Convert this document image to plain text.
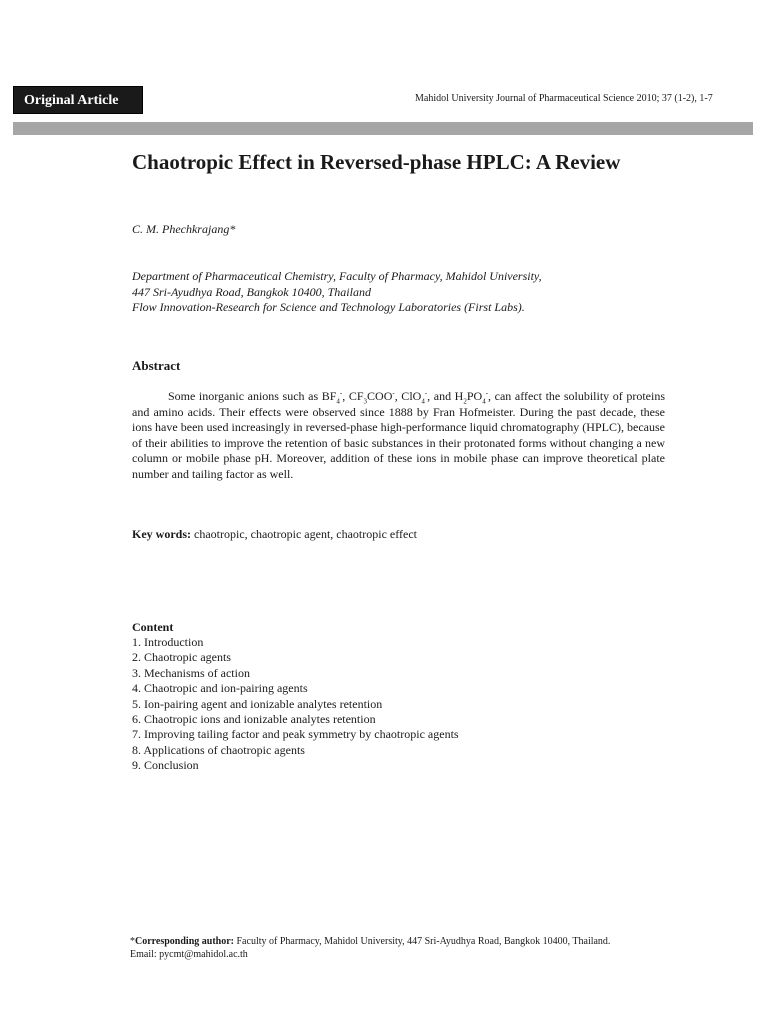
Original Article	Mahidol University Journal of Pharmaceutical Science 2010; 37 (1-2), 1-7
Chaotropic Effect in Reversed-phase HPLC: A Review
C. M. Phechkrajang*
Department of Pharmaceutical Chemistry, Faculty of Pharmacy, Mahidol University,
447 Sri-Ayudhya Road, Bangkok 10400, Thailand
Flow Innovation-Research for Science and Technology Laboratories (First Labs).
Abstract

Some inorganic anions such as $BF_4^-$, $CF_3COO^-$, ClO$_4$-, and $H_2PO_4^-$, can affect the solubility of proteins and amino acids. Their effects were observed since 1888 by Fran Hofmeister. During the past decade, these ions have been used increasingly in reversed-phase high-performance liquid chromatography (HPLC), because of their abilities to improve the retention of basic substances in their protonated forms without changing a new column or mobile phase pH. Moreover, addition of these ions in mobile phase can improve theoretical plate number and tailing factor as well.

Key words: chaotropic, chaotropic agent, chaotropic effect
Content
1. Introduction
2. Chaotropic agents
3. Mechanisms of action
4. Chaotropic and ion-pairing agents
5. Ion-pairing agent and ionizable analytes retention
6. Chaotropic ions and ionizable analytes retention
7. Improving tailing factor and peak symmetry by chaotropic agents
8. Applications of chaotropic agents
9. Conclusion
*Corresponding author: Faculty of Pharmacy, Mahidol University, 447 Sri-Ayudhya Road, Bangkok 10400, Thailand.
Email: pycmt@mahidol.ac.th
